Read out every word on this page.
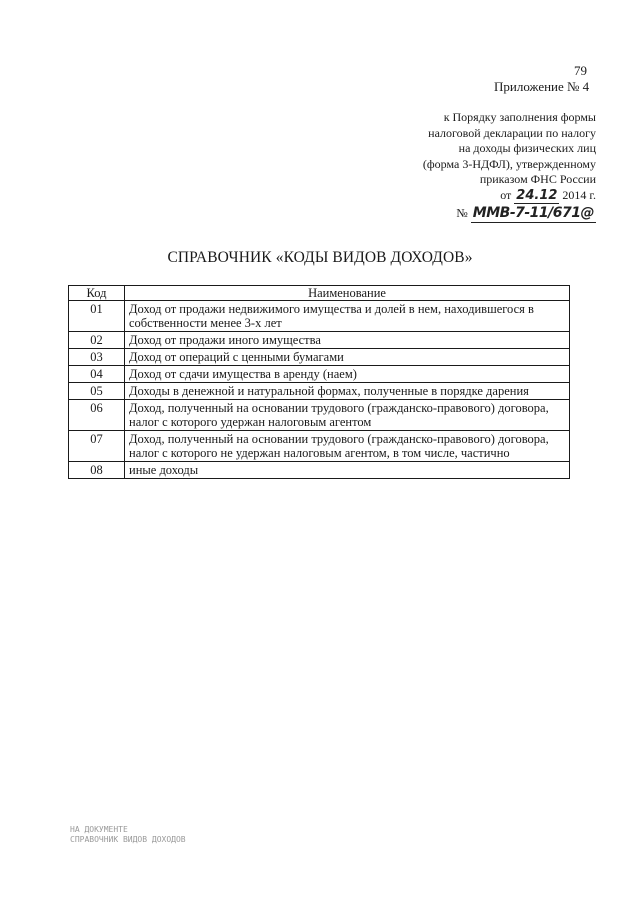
79
Приложение № 4
к Порядку заполнения формы
налоговой декларации по налогу
на доходы физических лиц
(форма 3-НДФЛ), утвержденному
приказом ФНС России
от
24.12
2014 г.
№
ММВ-7-11/671@
СПРАВОЧНИК «КОДЫ ВИДОВ ДОХОДОВ»
Код	Наименование
01	Доход от продажи недвижимого имущества и долей в нем, находившегося в собственности менее 3-х лет
02	Доход от продажи иного имущества
03	Доход от операций с ценными бумагами
04	Доход от сдачи имущества в аренду (наем)
05	Доходы в денежной и натуральной формах, полученные в порядке дарения
06	Доход, полученный на основании трудового (гражданско-правового) договора, налог с которого удержан налоговым агентом
07	Доход, полученный на основании трудового (гражданско-правового) договора, налог с которого не удержан налоговым агентом, в том числе, частично
08	иные доходы
НА ДОКУМЕНТЕ
СПРАВОЧНИК ВИДОВ ДОХОДОВ
